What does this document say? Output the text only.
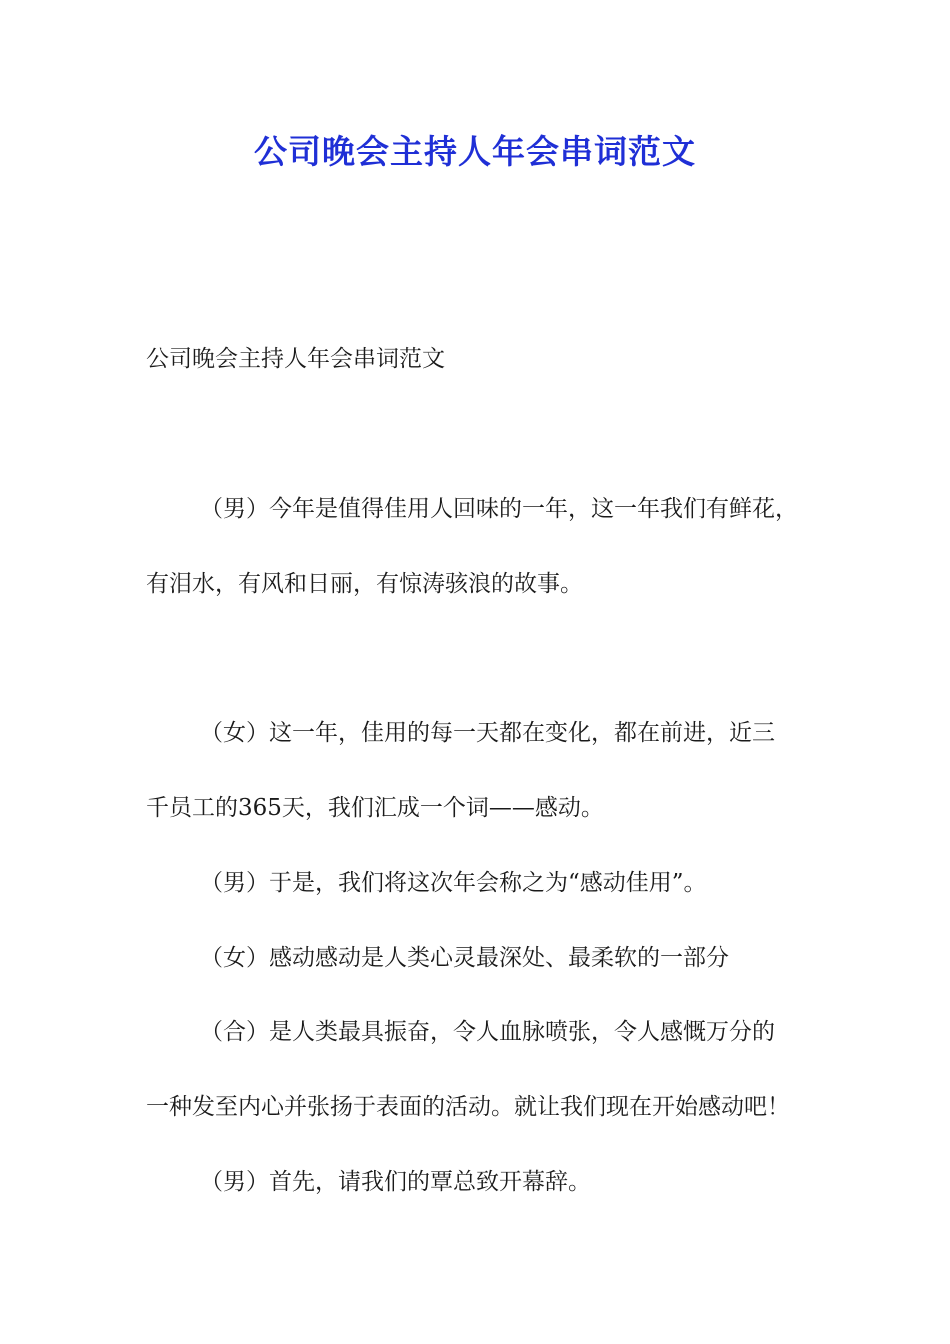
公司晚会主持人年会串词范文
公司晚会主持人年会串词范文
（男）今年是值得佳用人回味的一年，这一年我们有鲜花，
有泪水，有风和日丽，有惊涛骇浪的故事。
（女）这一年，佳用的每一天都在变化，都在前进，近三
千员工的365天，我们汇成一个词——感动。
（男）于是，我们将这次年会称之为“感动佳用”。
（女）感动感动是人类心灵最深处、最柔软的一部分
（合）是人类最具振奋，令人血脉喷张，令人感慨万分的
一种发至内心并张扬于表面的活动。就让我们现在开始感动吧！
（男）首先，请我们的覃总致开幕辞。
